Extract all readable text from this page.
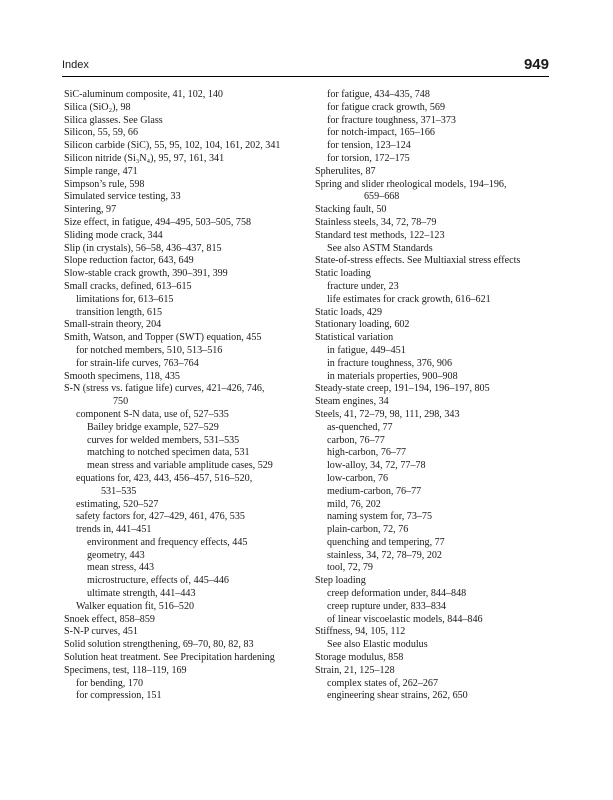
Index	949
SiC-aluminum composite, 41, 102, 140
Silica (SiO₂), 98
Silica glasses. See Glass
Silicon, 55, 59, 66
Silicon carbide (SiC), 55, 95, 102, 104, 161, 202, 341
Silicon nitride (Si₃N₄), 95, 97, 161, 341
Simple range, 471
Simpson’s rule, 598
Simulated service testing, 33
Sintering, 97
Size effect, in fatigue, 494–495, 503–505, 758
Sliding mode crack, 344
Slip (in crystals), 56–58, 436–437, 815
Slope reduction factor, 643, 649
Slow-stable crack growth, 390–391, 399
Small cracks, defined, 613–615
limitations for, 613–615
transition length, 615
Small-strain theory, 204
Smith, Watson, and Topper (SWT) equation, 455
for notched members, 510, 513–516
for strain-life curves, 763–764
Smooth specimens, 118, 435
S-N (stress vs. fatigue life) curves, 421–426, 746,
750
component S-N data, use of, 527–535
Bailey bridge example, 527–529
curves for welded members, 531–535
matching to notched specimen data, 531
mean stress and variable amplitude cases, 529
equations for, 423, 443, 456–457, 516–520,
531–535
estimating, 520–527
safety factors for, 427–429, 461, 476, 535
trends in, 441–451
environment and frequency effects, 445
geometry, 443
mean stress, 443
microstructure, effects of, 445–446
ultimate strength, 441–443
Walker equation fit, 516–520
Snoek effect, 858–859
S-N-P curves, 451
Solid solution strengthening, 69–70, 80, 82, 83
Solution heat treatment. See Precipitation hardening
Specimens, test, 118–119, 169
for bending, 170
for compression, 151
for fatigue, 434–435, 748
for fatigue crack growth, 569
for fracture toughness, 371–373
for notch-impact, 165–166
for tension, 123–124
for torsion, 172–175
Spherulites, 87
Spring and slider rheological models, 194–196,
659–668
Stacking fault, 50
Stainless steels, 34, 72, 78–79
Standard test methods, 122–123
See also ASTM Standards
State-of-stress effects. See Multiaxial stress effects
Static loading
fracture under, 23
life estimates for crack growth, 616–621
Static loads, 429
Stationary loading, 602
Statistical variation
in fatigue, 449–451
in fracture toughness, 376, 906
in materials properties, 900–908
Steady-state creep, 191–194, 196–197, 805
Steam engines, 34
Steels, 41, 72–79, 98, 111, 298, 343
as-quenched, 77
carbon, 76–77
high-carbon, 76–77
low-alloy, 34, 72, 77–78
low-carbon, 76
medium-carbon, 76–77
mild, 76, 202
naming system for, 73–75
plain-carbon, 72, 76
quenching and tempering, 77
stainless, 34, 72, 78–79, 202
tool, 72, 79
Step loading
creep deformation under, 844–848
creep rupture under, 833–834
of linear viscoelastic models, 844–846
Stiffness, 94, 105, 112
See also Elastic modulus
Storage modulus, 858
Strain, 21, 125–128
complex states of, 262–267
engineering shear strains, 262, 650
